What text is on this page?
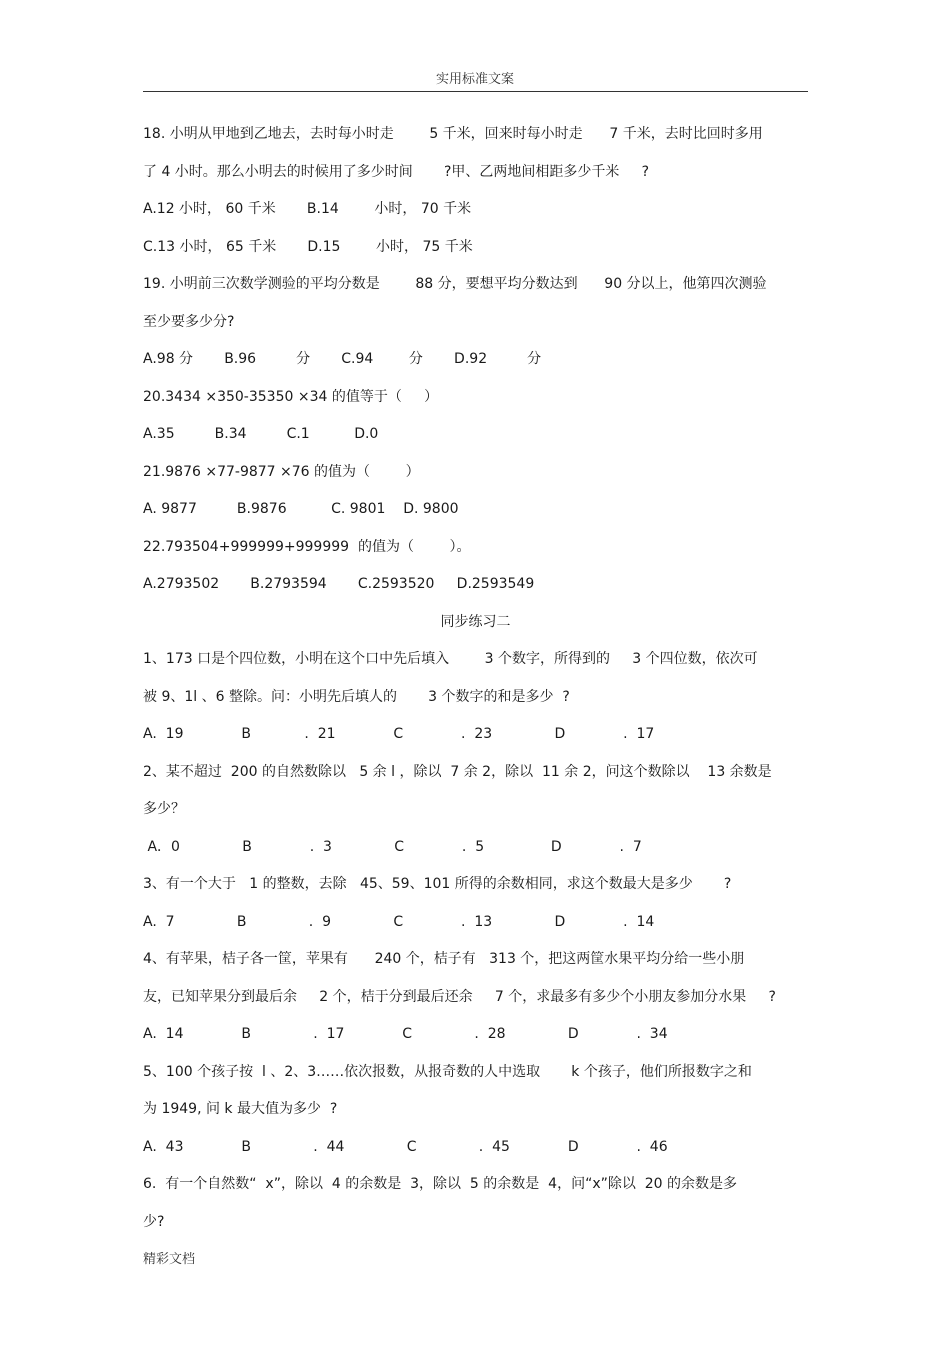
实用标准文案
18. 小明从甲地到乙地去，去时每小时走        5 千米，回来时每小时走      7 千米，去时比回时多用
了 4 小时。那么小明去的时候用了多少时间       ?甲、乙两地间相距多少千米     ?
A.12 小时， 60 千米       B.14        小时， 70 千米
C.13 小时， 65 千米       D.15        小时， 75 千米
19. 小明前三次数学测验的平均分数是        88 分，要想平均分数达到      90 分以上，他第四次测验
至少要多少分?
A.98 分       B.96         分       C.94        分       D.92         分
20.3434 ×350-35350 ×34 的值等于（     ）
A.35         B.34         C.1          D.0
21.9876 ×77-9877 ×76 的值为（        ）
A. 9877         B.9876          C. 9801    D. 9800
22.793504+999999+999999  的值为（        ）。
A.2793502       B.2793594       C.2593520     D.2593549
同步练习二
1、173 口是个四位数，小明在这个口中先后填入        3 个数字，所得到的     3 个四位数，依次可
被 9、1l 、6 整除。问：小明先后填人的       3 个数字的和是多少  ?
A.  19             B            .  21             C             .  23              D             .  17
2、某不超过  200 的自然数除以   5 余 l ，除以  7 余 2，除以  11 余 2，问这个数除以    13 余数是
多少？
A．0              B             .  3              C             .  5               D             .  7
3、有一个大于   1 的整数，去除   45、59、101 所得的余数相同，求这个数最大是多少       ?
A.  7              B              .  9              C             .  13              D             .  14
4、有苹果，桔子各一筐，苹果有      240 个，桔子有   313 个，把这两筐水果平均分给一些小朋
友，已知苹果分到最后余     2 个，桔于分到最后还余     7 个，求最多有多少个小朋友参加分水果     ?
A.  14             B              .  17             C              .  28              D             .  34
5、100 个孩子按  l 、2、3……依次报数，从报奇数的人中选取       k 个孩子，他们所报数字之和
为 1949, 问 k 最大值为多少  ?
A.  43             B              .  44              C              .  45             D             .  46
6.  有一个自然数“  x”，除以  4 的余数是  3，除以  5 的余数是  4，问“x”除以  20 的余数是多
少?
精彩文档
